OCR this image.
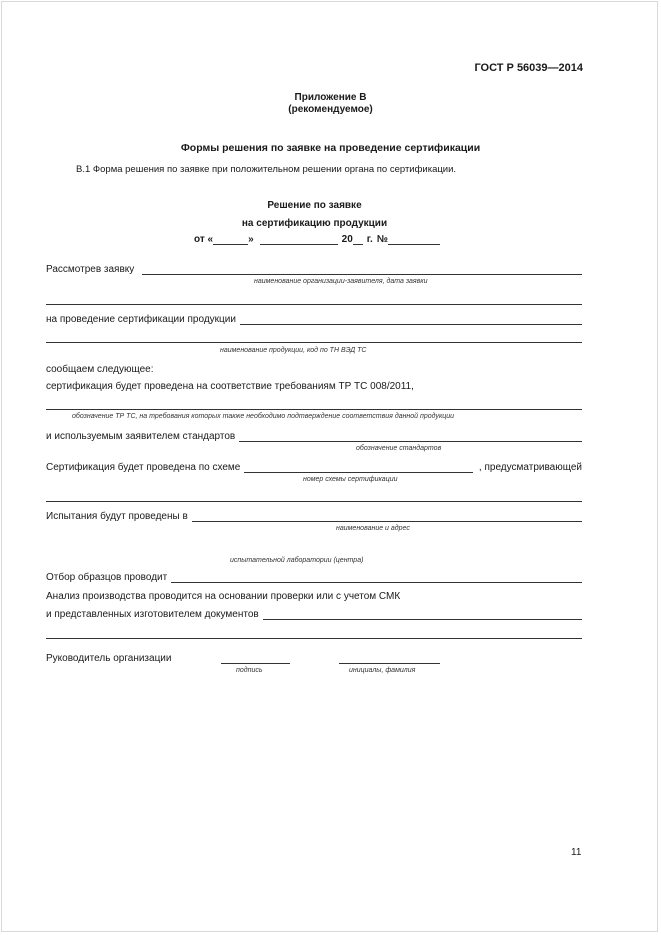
ГОСТ Р 56039—2014
Приложение В
(рекомендуемое)
Формы решения по заявке на проведение сертификации
В.1 Форма решения по заявке при положительном решении органа по сертификации.
Решение по заявке
на сертификацию продукции
от «	»	20 г. №
Рассмотрев заявку
наименование организации-заявителя, дата заявки
на проведение сертификации продукции
наименование продукции, код по ТН ВЭД ТС
сообщаем следующее:
сертификация будет проведена на соответствие требованиям ТР ТС 008/2011,
обозначение ТР ТС, на требования которых также необходимо подтверждение соответствия данной продукции
и используемым заявителем стандартов
обозначение стандартов
Сертификация будет проведена по схеме	, предусматривающей
номер схемы сертификации
Испытания будут проведены в
наименование и адрес
испытательной лаборатории (центра)
Отбор образцов проводит
Анализ производства проводится на основании проверки или с учетом СМК
и представленных изготовителем документов
Руководитель организации
подпись	инициалы, фамилия
11
